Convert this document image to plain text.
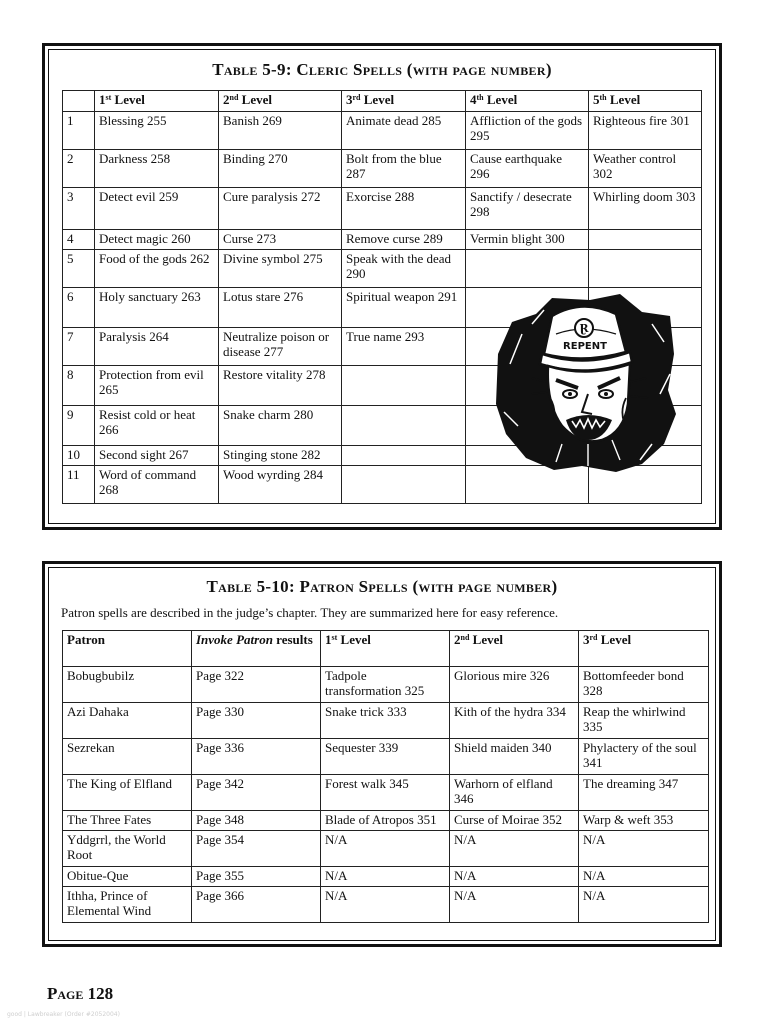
Table 5-9: Cleric Spells (with page number)
	1st Level	2nd Level	3rd Level	4th Level	5th Level
1	Blessing 255	Banish 269	Animate dead 285	Affliction of the gods 295	Righteous fire 301
2	Darkness 258	Binding 270	Bolt from the blue 287	Cause earthquake 296	Weather control 302
3	Detect evil 259	Cure paralysis 272	Exorcise 288	Sanctify / desecrate 298	Whirling doom 303
4	Detect magic 260	Curse 273	Remove curse 289	Vermin blight 300	
5	Food of the gods 262	Divine symbol 275	Speak with the dead 290		
6	Holy sanctuary 263	Lotus stare 276	Spiritual weapon 291		
7	Paralysis 264	Neutralize poison or disease 277	True name 293		
8	Protection from evil 265	Restore vitality 278			
9	Resist cold or heat 266	Snake charm 280			
10	Second sight 267	Stinging stone 282			
11	Word of command 268	Wood wyrding 284			
Ɽ
REPENT
Table 5-10: Patron Spells (with page number)
Patron spells are described in the judge’s chapter. They are summarized here for easy reference.
Patron	Invoke Patron results	1st Level	2nd Level	3rd Level
Bobugbubilz	Page 322	Tadpole transformation 325	Glorious mire 326	Bottomfeeder bond 328
Azi Dahaka	Page 330	Snake trick 333	Kith of the hydra 334	Reap the whirlwind 335
Sezrekan	Page 336	Sequester 339	Shield maiden 340	Phylactery of the soul 341
The King of Elfland	Page 342	Forest walk 345	Warhorn of elfland 346	The dreaming 347
The Three Fates	Page 348	Blade of Atropos 351	Curse of Moirae 352	Warp & weft 353
Yddgrrl, the World Root	Page 354	N/A	N/A	N/A
Obitue-Que	Page 355	N/A	N/A	N/A
Ithha, Prince of Elemental Wind	Page 366	N/A	N/A	N/A
Page 128
good | Lawbreaker (Order #2052004)
